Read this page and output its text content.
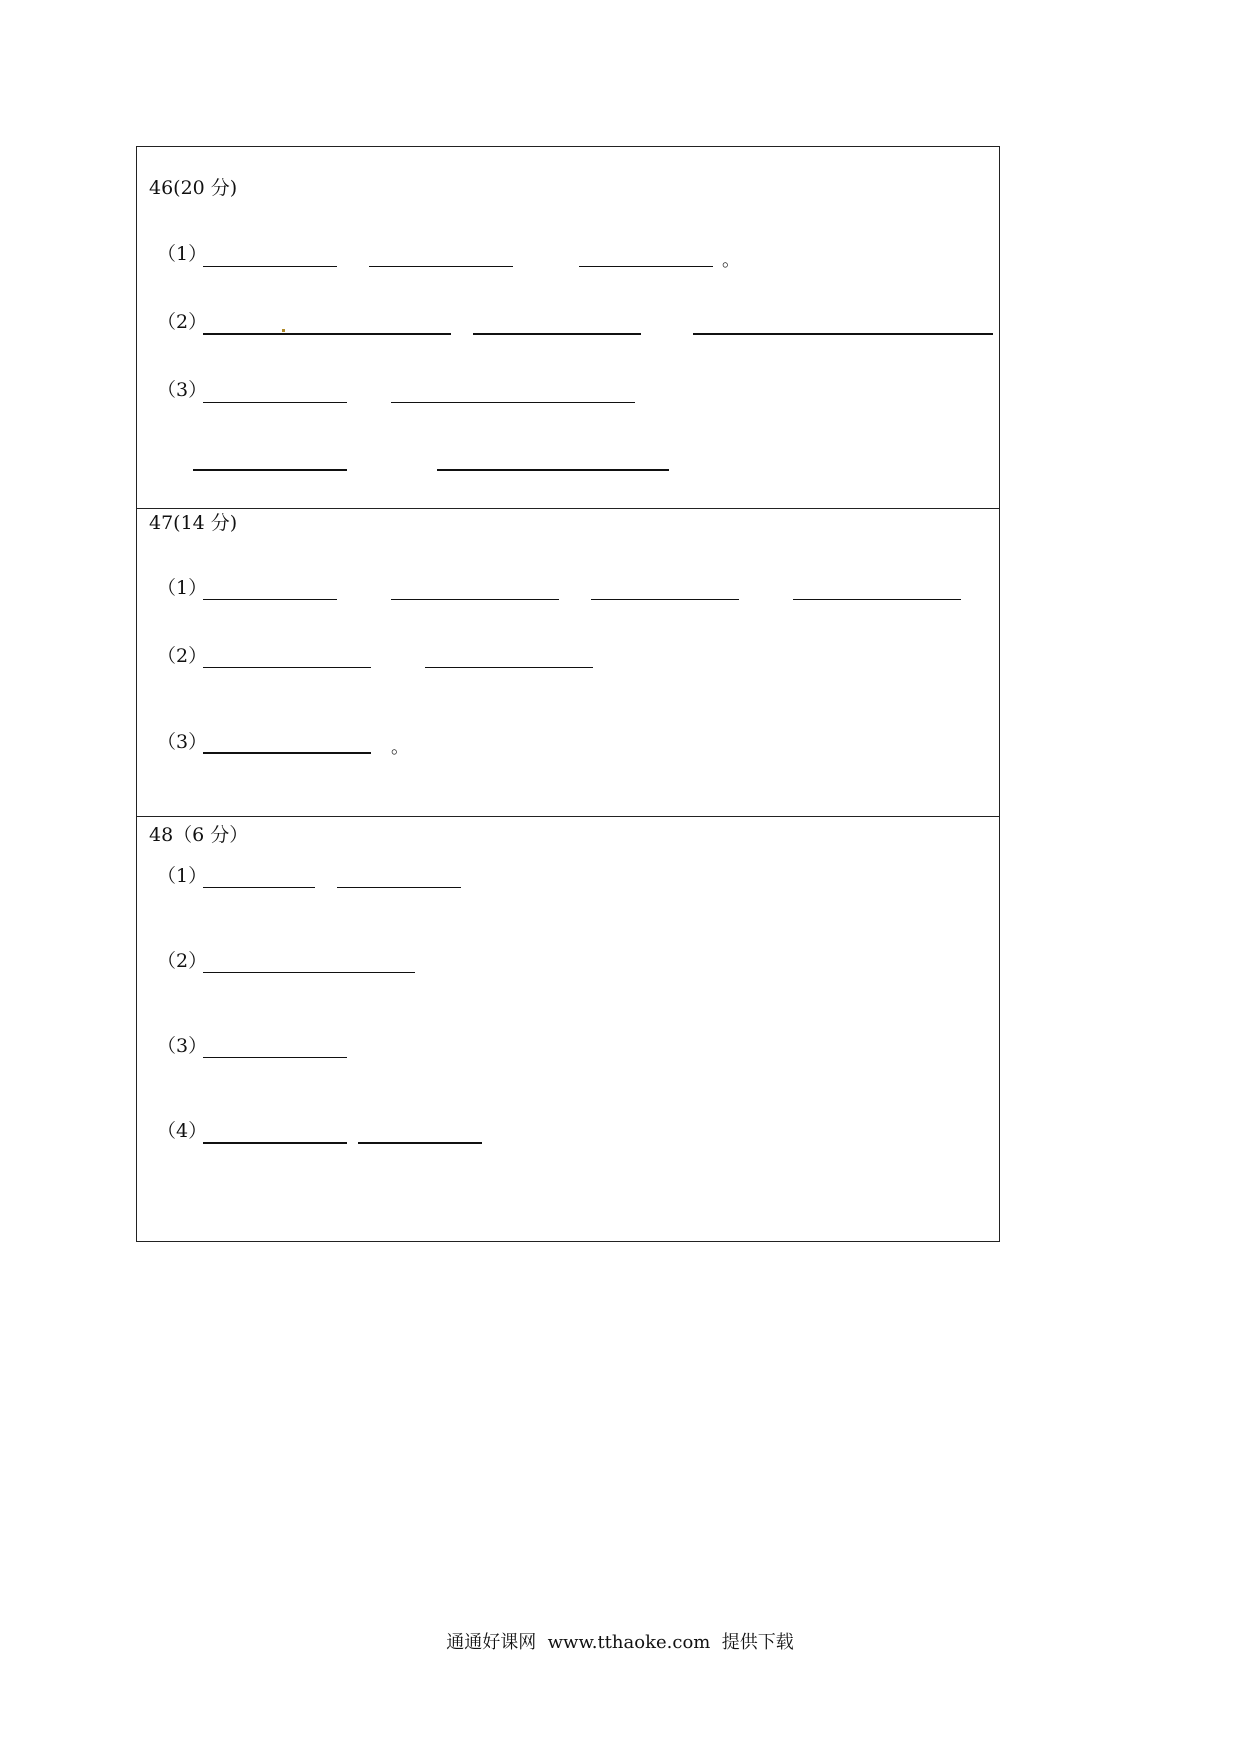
46(20 分)
（1）	。
（2）
（3）
47(14 分)
（1）
（2）
（3）	。
48（6 分）
（1）
（2）
（3）
（4）
通通好课网  www.tthaoke.com  提供下载
